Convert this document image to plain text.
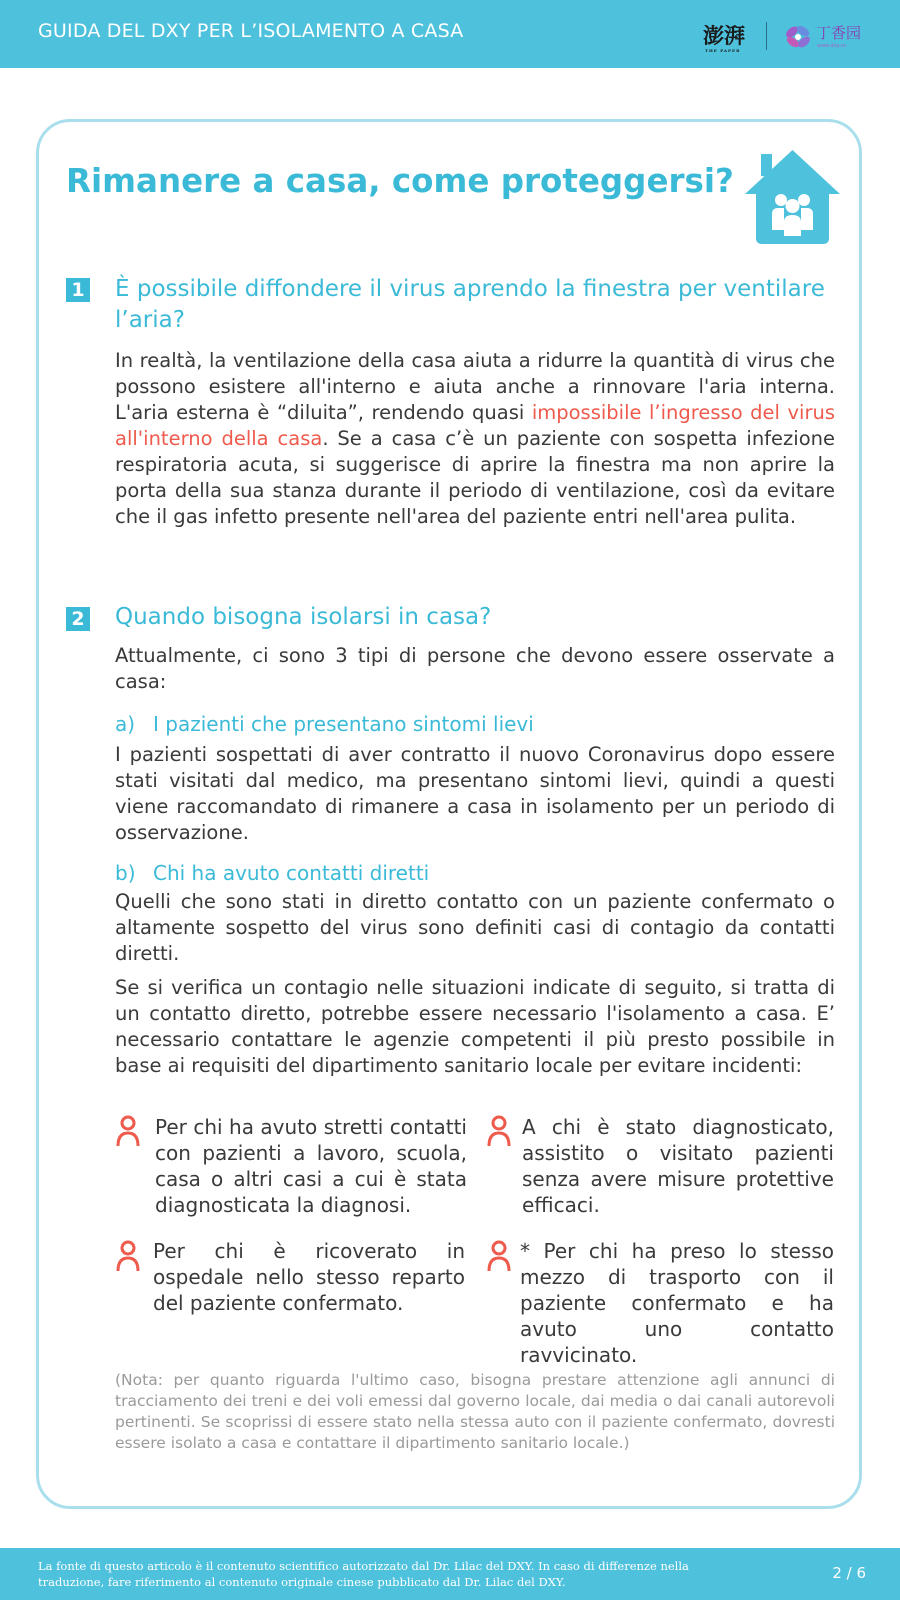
GUIDA DEL DXY PER L’ISOLAMENTO A CASA	澎湃
THE PAPER
丁香园
www.dxy.cn
Rimanere a casa, come proteggersi?
1 È possibile diffondere il virus aprendo la finestra per ventilare l’aria?
In realtà, la ventilazione della casa aiuta a ridurre la quantità di virus che possono esistere all'interno e aiuta anche a rinnovare l'aria interna. L'aria esterna è “diluita”, rendendo quasi impossibile l’ingresso del virus all'interno della casa. Se a casa c’è un paziente con sospetta infezione respiratoria acuta, si suggerisce di aprire la finestra ma non aprire la porta della sua stanza durante il periodo di ventilazione, così da evitare che il gas infetto presente nell'area del paziente entri nell'area pulita.
2 Quando bisogna isolarsi in casa?
Attualmente, ci sono 3 tipi di persone che devono essere osservate a casa:
a) I pazienti che presentano sintomi lievi
I pazienti sospettati di aver contratto il nuovo Coronavirus dopo essere stati visitati dal medico, ma presentano sintomi lievi, quindi a questi viene raccomandato di rimanere a casa in isolamento per un periodo di osservazione.
b) Chi ha avuto contatti diretti
Quelli che sono stati in diretto contatto con un paziente confermato o altamente sospetto del virus sono definiti casi di contagio da contatti diretti.
Se si verifica un contagio nelle situazioni indicate di seguito, si tratta di un contatto diretto, potrebbe essere necessario l'isolamento a casa. E’ necessario contattare le agenzie competenti il più presto possibile in base ai requisiti del dipartimento sanitario locale per evitare incidenti:
Per chi ha avuto stretti contatti con pazienti a lavoro, scuola, casa o altri casi a cui è stata diagnosticata la diagnosi.
A chi è stato diagnosticato, assistito o visitato pazienti senza avere misure protettive efficaci.
Per chi è ricoverato in ospedale nello stesso reparto del paziente confermato.
* Per chi ha preso lo stesso mezzo di trasporto con il paziente confermato e ha avuto uno contatto ravvicinato.
(Nota: per quanto riguarda l'ultimo caso, bisogna prestare attenzione agli annunci di tracciamento dei treni e dei voli emessi dal governo locale, dai media o dai canali autorevoli pertinenti. Se scoprissi di essere stato nella stessa auto con il paziente confermato, dovresti essere isolato a casa e contattare il dipartimento sanitario locale.)
La fonte di questo articolo è il contenuto scientifico autorizzato dal Dr. Lilac del DXY. In caso di differenze nella traduzione, fare riferimento al contenuto originale cinese pubblicato dal Dr. Lilac del DXY.	2 / 6
